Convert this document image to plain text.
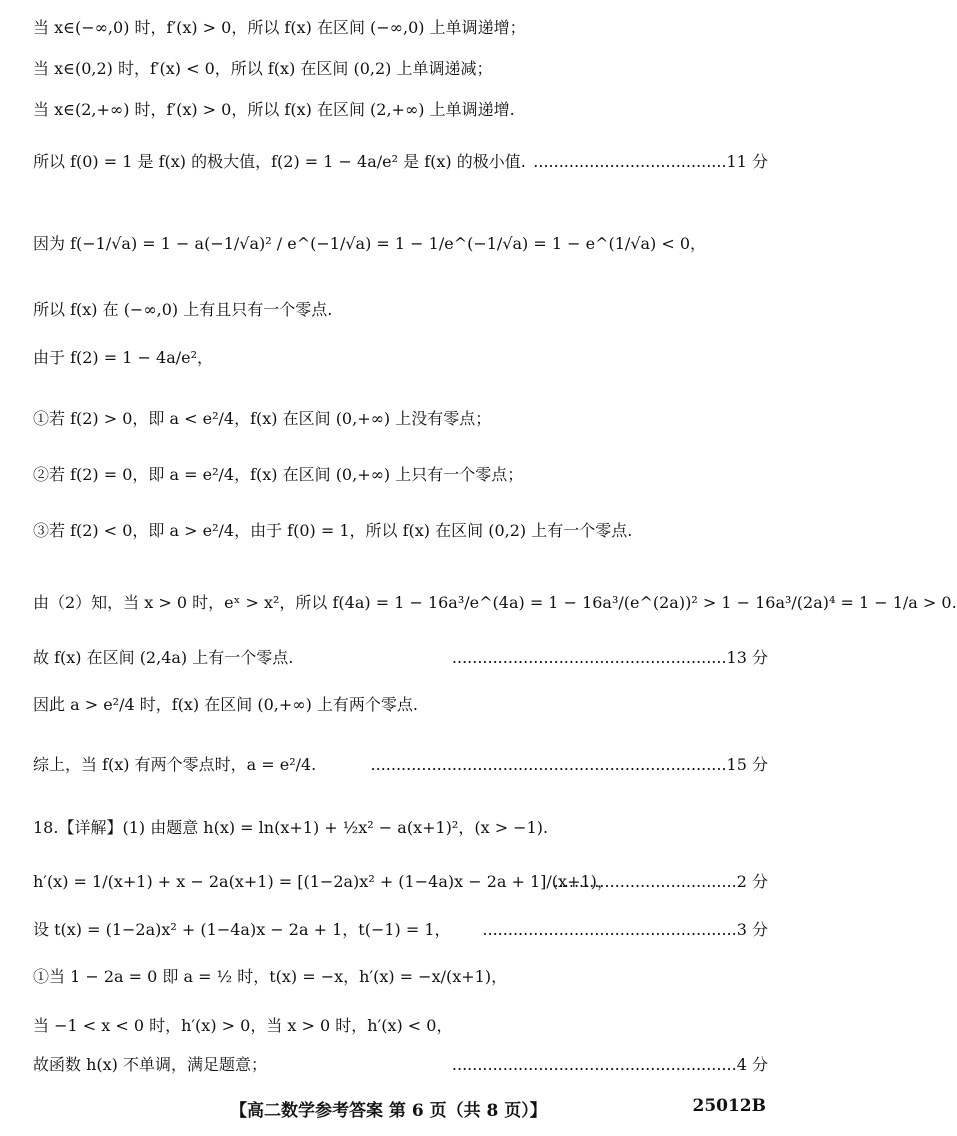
当 x∈(−∞,0) 时，f′(x) > 0，所以 f(x) 在区间 (−∞,0) 上单调递增；
当 x∈(0,2) 时，f′(x) < 0，所以 f(x) 在区间 (0,2) 上单调递减；
当 x∈(2,+∞) 时，f′(x) > 0，所以 f(x) 在区间 (2,+∞) 上单调递增.
所以 f(0) = 1 是 f(x) 的极大值，f(2) = 1 − 4a/e² 是 f(x) 的极小值. ......................................11 分
因为 f(−1/√a) = 1 − a(−1/√a)² / e^(−1/√a) = 1 − 1/e^(−1/√a) = 1 − e^(1/√a) < 0，
所以 f(x) 在 (−∞,0) 上有且只有一个零点.
由于 f(2) = 1 − 4a/e²，
①若 f(2) > 0，即 a < e²/4，f(x) 在区间 (0,+∞) 上没有零点；
②若 f(2) = 0，即 a = e²/4，f(x) 在区间 (0,+∞) 上只有一个零点；
③若 f(2) < 0，即 a > e²/4，由于 f(0) = 1，所以 f(x) 在区间 (0,2) 上有一个零点.
由（2）知，当 x > 0 时，eˣ > x²，所以 f(4a) = 1 − 16a³/e^(4a) = 1 − 16a³/(e^(2a))² > 1 − 16a³/(2a)⁴ = 1 − 1/a > 0.
故 f(x) 在区间 (2,4a) 上有一个零点.	......................................................13 分
因此 a > e²/4 时，f(x) 在区间 (0,+∞) 上有两个零点.
综上，当 f(x) 有两个零点时，a = e²/4.	......................................................................15 分
18.【详解】(1) 由题意 h(x) = ln(x+1) + ½x² − a(x+1)²，(x > −1).
h′(x) = 1/(x+1) + x − 2a(x+1) = [(1−2a)x² + (1−4a)x − 2a + 1]/(x+1)，
....................................2 分
设 t(x) = (1−2a)x² + (1−4a)x − 2a + 1，t(−1) = 1， ..................................................3 分
①当 1 − 2a = 0 即 a = ½ 时，t(x) = −x，h′(x) = −x/(x+1)，
当 −1 < x < 0 时，h′(x) > 0，当 x > 0 时，h′(x) < 0，
故函数 h(x) 不单调，满足题意；	........................................................4 分
【高二数学参考答案 第 6 页（共 8 页）】	25012B
